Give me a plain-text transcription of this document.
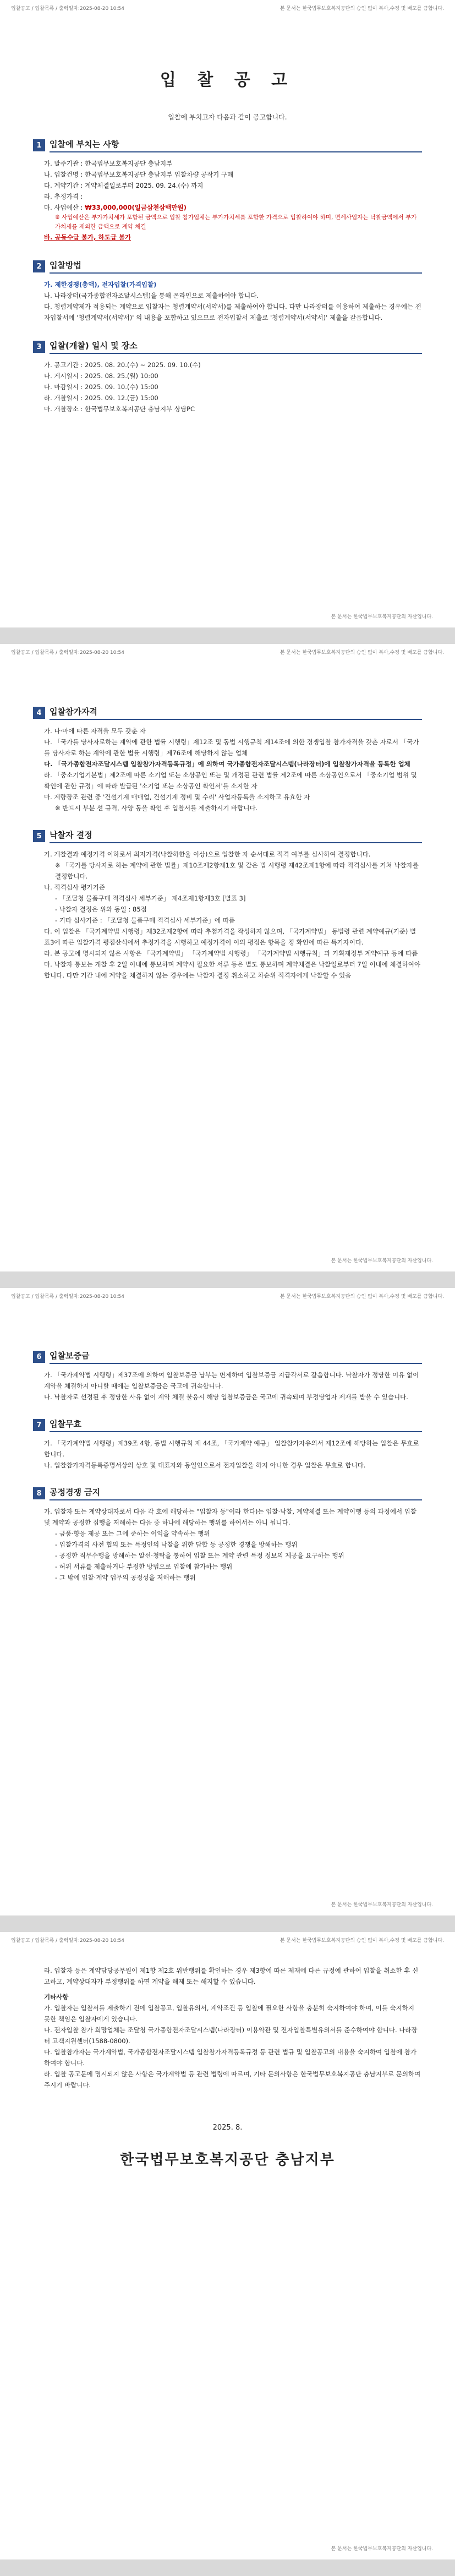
입찰공고 / 입찰목록 / 출력일자:2025-08-20 10:54	본 문서는 한국법무보호복지공단의 승인 없이 복사,수정 및 배포를 금합니다.
입 찰 공 고
입찰에 부치고자 다음과 같이 공고합니다.
1 입찰에 부치는 사항
가. 발주기관 : 한국법무보호복지공단 충남지부
나. 입찰건명 : 한국법무보호복지공단 충남지부 입찰차량 공작기 구매
다. 계약기간 : 계약체결일로부터 2025. 09. 24.(수) 까지
라. 추정가격 :
마. 사업예산 : ₩33,000,000(일금삼천삼백만원)
※ 사업예산은 부가가치세가 포함된 금액으로 입찰 참가업체는 부가가치세를 포함한 가격으로 입찰하여야 하며, 면세사업자는 낙찰금액에서 부가가치세를 제외한 금액으로 계약 체결
바. 공동수급 불가, 하도급 불가
2 입찰방법
가. 제한경쟁(총액), 전자입찰(가격입찰)
나. 나라장터(국가종합전자조달시스템)을 통해 온라인으로 제출하여야 합니다.
다. 청렴계약제가 적용되는 계약으로 입찰자는 청렴계약서(서약서)를 제출하여야 합니다. 다만 나라장터를 이용하여 제출하는 경우에는 전자입찰서에 '청렴계약서(서약서)' 의 내용을 포함하고 있으므로 전자입찰서 제출로 '청렴계약서(서약서)' 제출을 갈음합니다.
3 입찰(개찰) 일시 및 장소
가. 공고기간 : 2025. 08. 20.(수) ~ 2025. 09. 10.(수)
나. 게시일시 : 2025. 08. 25.(월) 10:00
다. 마감일시 : 2025. 09. 10.(수) 15:00
라. 개찰일시 : 2025. 09. 12.(금) 15:00
마. 개찰장소 : 한국법무보호복지공단 충남지부 상담PC
본 문서는 한국법무보호복지공단의 자산입니다.
입찰공고 / 입찰목록 / 출력일자:2025-08-20 10:54	본 문서는 한국법무보호복지공단의 승인 없이 복사,수정 및 배포를 금합니다.
4 입찰참가자격
가. 나·마에 따른 자격을 모두 갖춘 자
나. 「국가를 당사자로하는 계약에 관한 법률 시행령」제12조 및 동법 시행규칙 제14조에 의한 경쟁입찰 참가자격을 갖춘 자로서 「국가를 당사자로 하는 계약에 관한 법률 시행령」제76조에 해당하지 않는 업체
다. 「국가종합전자조달시스템 입찰참가자격등록규정」에 의하여 국가종합전자조달시스템(나라장터)에 입찰참가자격을 등록한 업체
라. 「중소기업기본법」제2조에 따른 소기업 또는 소상공인 또는 및 개정된 관련 법률 제2조에 따른 소상공인으로서 「중소기업 범위 및 확인에 관한 규정」에 따라 발급된 '소기업 또는 소상공인 확인서'를 소지한 자
마. 계량장조 관련 중 '건설기계 매매업, 건설기계 정비 및 수리' 사업자등록을 소지하고 유효한 자
※ 반드시 부분 선 규격, 사양 동을 확인 후 입찰서를 제출하시기 바랍니다.
5 낙찰자 결정
가. 개찰결과 예정가격 이하로서 최저가격(낙찰하한율 이상)으로 입찰한 자 순서대로 적격 여부를 심사하여 결정합니다.
※ 「국가를 당사자로 하는 계약에 관한 법률」제10조제2항제1호 및 같은 법 시행령 제42조제1항에 따라 적격심사를 거쳐 낙찰자를 결정합니다.
나. 적격심사 평가기준
- 「조달청 물품구매 적격심사 세부기준」 제4조제1항제3호 [별표 3]
- 낙찰자 결정은 위와 동일 : 85점
- 기타 심사기준 : 「조달청 물품구매 적격심사 세부기준」에 따름
다. 이 입찰은 「국가계약법 시행령」제32조제2항에 따라 추첨가격을 작성하지 않으며, 「국가계약법」 동법령 관련 계약예규(기준) 별표3에 따른 입찰가격 평점산식에서 추정가격을 시행하고 예정가격이 이의 평점은 항목을 정 확인에 따른 특기자이다.
라. 본 공고에 명시되지 않은 사항은 「국가계약법」 「국가계약법 시행령」 「국가계약법 시행규칙」과 기획재정부 계약예규 등에 따름
마. 낙찰자 통보는 개찰 후 2일 이내에 통보하며 계약시 필요한 서류 등은 별도 통보하며 계약체결은 낙찰일로부터 7일 이내에 체결하여야 합니다. 다만 기간 내에 계약을 체결하지 않는 경우에는 낙찰자 결정 취소하고 차순위 적격자에게 낙찰할 수 있음
본 문서는 한국법무보호복지공단의 자산입니다.
입찰공고 / 입찰목록 / 출력일자:2025-08-20 10:54	본 문서는 한국법무보호복지공단의 승인 없이 복사,수정 및 배포를 금합니다.
6 입찰보증금
가. 「국가계약법 시행령」제37조에 의하여 입찰보증금 납부는 면제하며 입찰보증금 지급각서로 갈음합니다. 낙찰자가 정당한 이유 없이 계약을 체결하지 아니할 때에는 입찰보증금은 국고에 귀속합니다.
나. 낙찰자로 선정된 후 정당한 사유 없이 계약 체결 불응시 해당 입찰보증금은 국고에 귀속되며 부정당업자 제재를 받을 수 있습니다.
7 입찰무효
가. 「국가계약법 시행령」제39조 4항, 동법 시행규칙 제 44조, 「국가계약 예규」 입찰참가자유의서 제12조에 해당하는 입찰은 무효로 합니다.
나. 입찰참가자격등록증명서상의 상호 및 대표자와 동일인으로서 전자입찰을 하지 아니한 경우 입찰은 무효로 합니다.
8 공정경쟁 금지
가. 입찰자 또는 계약상대자로서 다음 각 호에 해당하는 "입찰자 등"이라 한다)는 입찰·낙찰, 계약체결 또는 계약이행 등의 과정에서 입찰 및 계약과 공정한 집행을 저해하는 다음 중 하나에 해당하는 행위를 하여서는 아니 됩니다.
- 금품·향응 제공 또는 그에 준하는 이익을 약속하는 행위
- 입찰가격의 사전 협의 또는 특정인의 낙찰을 위한 담합 등 공정한 경쟁을 방해하는 행위
- 공정한 직무수행을 방해하는 알선·청탁을 통하여 입찰 또는 계약 관련 특정 정보의 제공을 요구하는 행위
- 허위 서류를 제출하거나 부정한 방법으로 입찰에 참가하는 행위
- 그 밖에 입찰·계약 업무의 공정성을 저해하는 행위
본 문서는 한국법무보호복지공단의 자산입니다.
입찰공고 / 입찰목록 / 출력일자:2025-08-20 10:54	본 문서는 한국법무보호복지공단의 승인 없이 복사,수정 및 배포를 금합니다.
라. 입찰자 등은 계약담당공무원이 제1항 제2호 위반행위를 확인하는 경우 제3항에 따른 제재에 다른 규정에 관하여 입찰을 취소한 후 신고하고, 계약상대자가 부정행위를 하면 계약을 해제 또는 해지할 수 있습니다.
기타사항
가. 입찰자는 입찰서를 제출하기 전에 입찰공고, 입찰유의서, 계약조건 등 입찰에 필요한 사항을 충분히 숙지하여야 하며, 이를 숙지하지 못한 책임은 입찰자에게 있습니다.
나. 전자입찰 참가 희망업체는 조달청 국가종합전자조달시스템(나라장터) 이용약관 및 전자입찰특별유의서를 준수하여야 합니다. 나라장터 고객지원센터(1588-0800).
다. 입찰참가자는 국가계약법, 국가종합전자조달시스템 입찰참가자격등록규정 등 관련 법규 및 입찰공고의 내용을 숙지하여 입찰에 참가하여야 합니다.
라. 입찰 공고문에 명시되지 않은 사항은 국가계약법 등 관련 법령에 따르며, 기타 문의사항은 한국법무보호복지공단 충남지부로 문의하여 주시기 바랍니다.
2025. 8.
한국법무보호복지공단 충남지부
본 문서는 한국법무보호복지공단의 자산입니다.
